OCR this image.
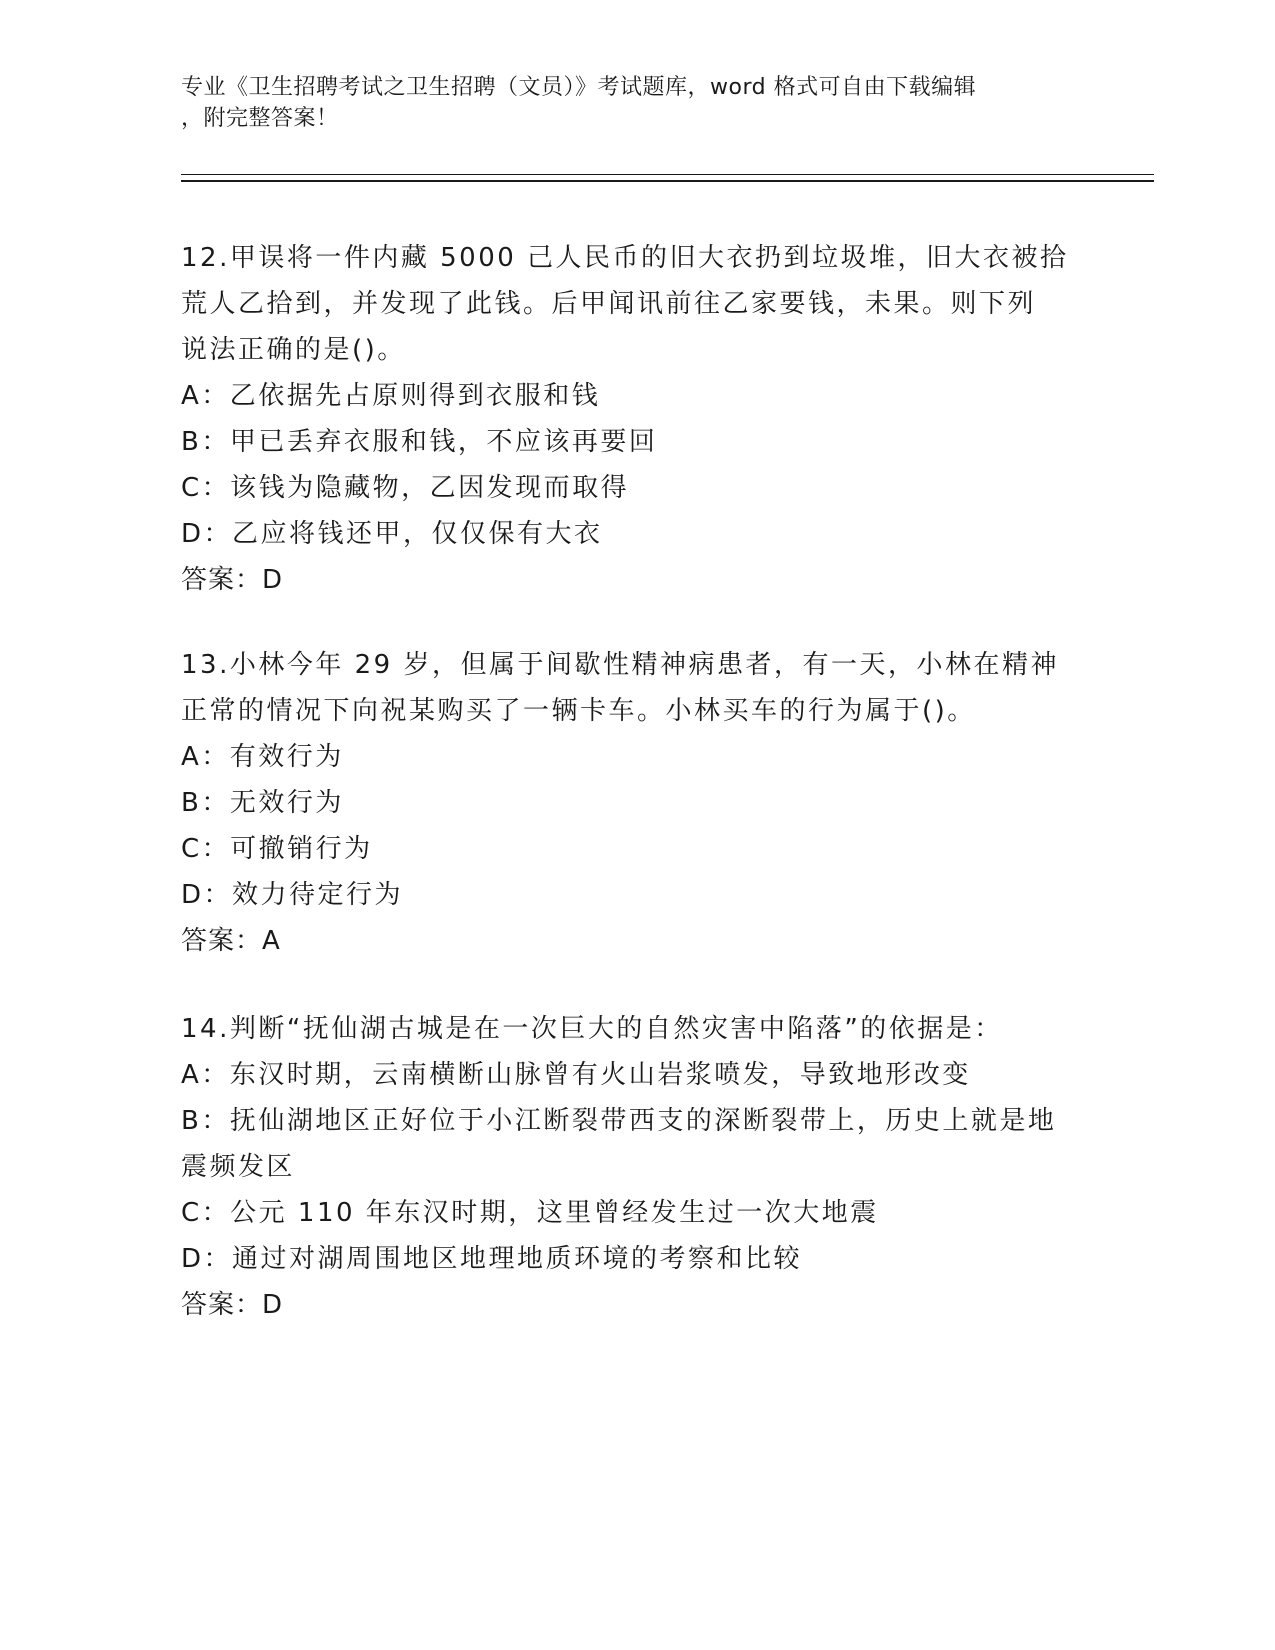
专业《卫生招聘考试之卫生招聘（文员）》考试题库，word 格式可自由下载编辑
，附完整答案！

12.甲误将一件内藏 5000 己人民币的旧大衣扔到垃圾堆，旧大衣被拾

荒人乙拾到，并发现了此钱。后甲闻讯前往乙家要钱，未果。则下列

说法正确的是()。

A：乙依据先占原则得到衣服和钱

B：甲已丢弃衣服和钱，不应该再要回

C：该钱为隐藏物，乙因发现而取得

D：乙应将钱还甲，仅仅保有大衣

答案：D

13.小林今年 29 岁，但属于间歇性精神病患者，有一天，小林在精神

正常的情况下向祝某购买了一辆卡车。小林买车的行为属于()。

A：有效行为

B：无效行为

C：可撤销行为

D：效力待定行为

答案：A

14.判断“抚仙湖古城是在一次巨大的自然灾害中陷落”的依据是：

A：东汉时期，云南横断山脉曾有火山岩浆喷发，导致地形改变

B：抚仙湖地区正好位于小江断裂带西支的深断裂带上，历史上就是地

震频发区

C：公元 110 年东汉时期，这里曾经发生过一次大地震

D：通过对湖周围地区地理地质环境的考察和比较

答案：D
